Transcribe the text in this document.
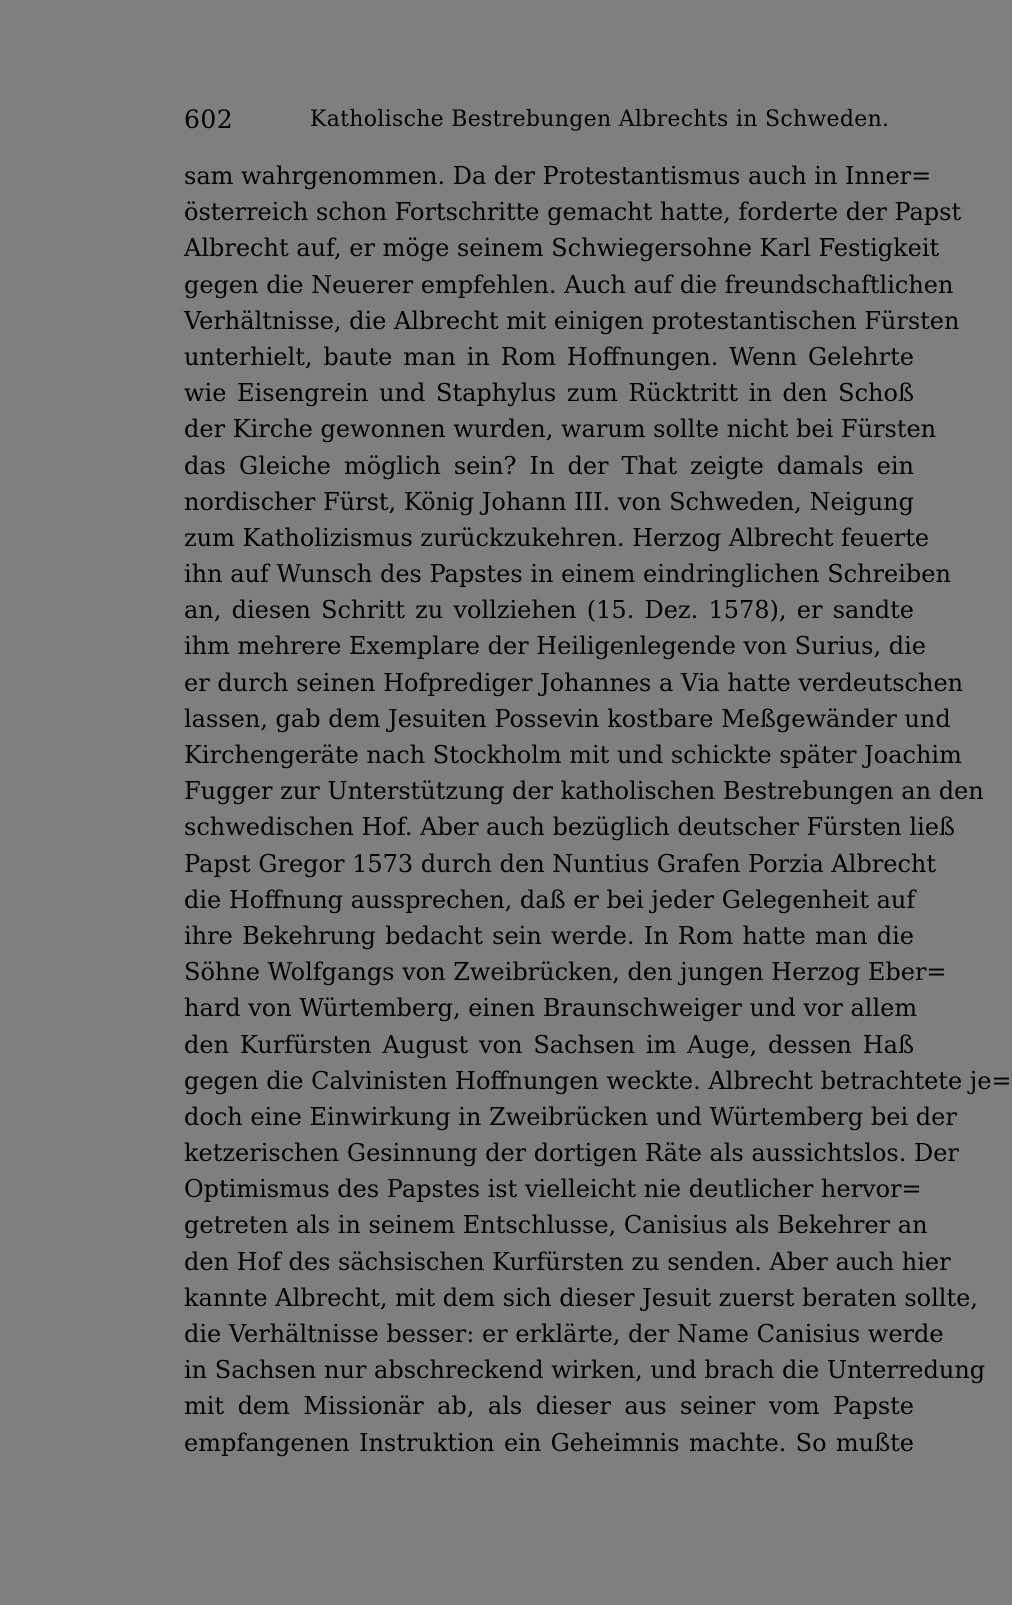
602	Katholische Bestrebungen Albrechts in Schweden.
sam wahrgenommen. Da der Protestantismus auch in Inner=
österreich schon Fortschritte gemacht hatte, forderte der Papst
Albrecht auf, er möge seinem Schwiegersohne Karl Festigkeit
gegen die Neuerer empfehlen. Auch auf die freundschaftlichen
Verhältnisse, die Albrecht mit einigen protestantischen Fürsten
unterhielt, baute man in Rom Hoffnungen. Wenn Gelehrte
wie Eisengrein und Staphylus zum Rücktritt in den Schoß
der Kirche gewonnen wurden, warum sollte nicht bei Fürsten
das Gleiche möglich sein? In der That zeigte damals ein
nordischer Fürst, König Johann III. von Schweden, Neigung
zum Katholizismus zurückzukehren. Herzog Albrecht feuerte
ihn auf Wunsch des Papstes in einem eindringlichen Schreiben
an, diesen Schritt zu vollziehen (15. Dez. 1578), er sandte
ihm mehrere Exemplare der Heiligenlegende von Surius, die
er durch seinen Hofprediger Johannes a Via hatte verdeutschen
lassen, gab dem Jesuiten Possevin kostbare Meßgewänder und
Kirchengeräte nach Stockholm mit und schickte später Joachim
Fugger zur Unterstützung der katholischen Bestrebungen an den
schwedischen Hof. Aber auch bezüglich deutscher Fürsten ließ
Papst Gregor 1573 durch den Nuntius Grafen Porzia Albrecht
die Hoffnung aussprechen, daß er bei jeder Gelegenheit auf
ihre Bekehrung bedacht sein werde. In Rom hatte man die
Söhne Wolfgangs von Zweibrücken, den jungen Herzog Eber=
hard von Würtemberg, einen Braunschweiger und vor allem
den Kurfürsten August von Sachsen im Auge, dessen Haß
gegen die Calvinisten Hoffnungen weckte. Albrecht betrachtete je=
doch eine Einwirkung in Zweibrücken und Würtemberg bei der
ketzerischen Gesinnung der dortigen Räte als aussichtslos. Der
Optimismus des Papstes ist vielleicht nie deutlicher hervor=
getreten als in seinem Entschlusse, Canisius als Bekehrer an
den Hof des sächsischen Kurfürsten zu senden. Aber auch hier
kannte Albrecht, mit dem sich dieser Jesuit zuerst beraten sollte,
die Verhältnisse besser: er erklärte, der Name Canisius werde
in Sachsen nur abschreckend wirken, und brach die Unterredung
mit dem Missionär ab, als dieser aus seiner vom Papste
empfangenen Instruktion ein Geheimnis machte. So mußte
